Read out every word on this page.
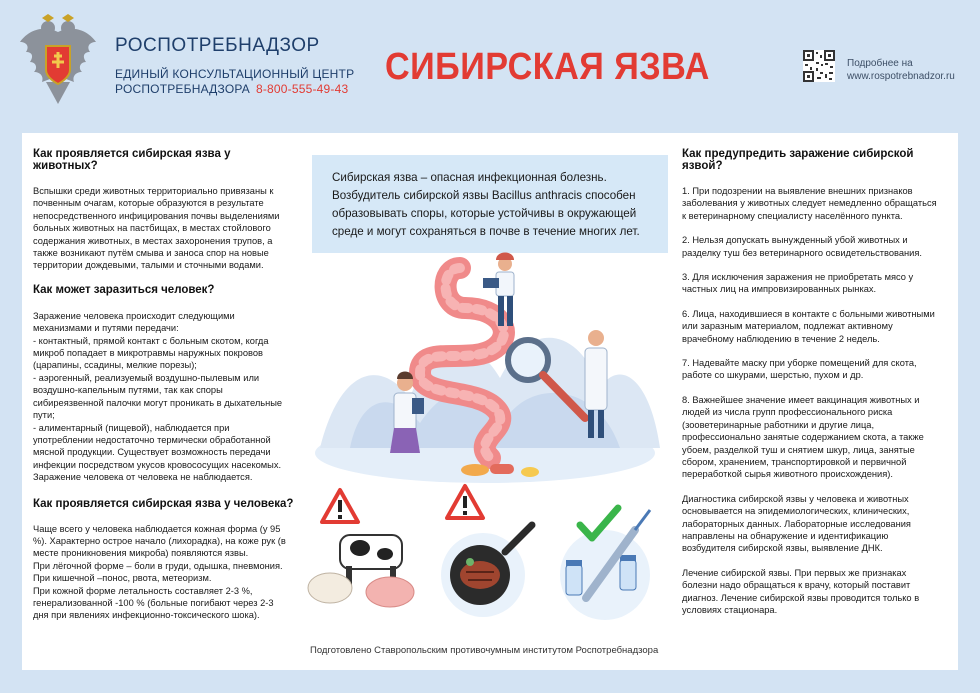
РОСПОТРЕБНАДЗОР
ЕДИНЫЙ КОНСУЛЬТАЦИОННЫЙ ЦЕНТР
РОСПОТРЕБНАДЗОРА 8-800-555-49-43
СИБИРСКАЯ ЯЗВА	Подробнее на
www.rospotrebnadzor.ru
Как проявляется сибирская язва у животных?

Вспышки среди животных территориально привязаны к
почвенным очагам, которые образуются в результате
непосредственного инфицирования почвы выделениями
больных животных на пастбищах, в местах стойлового
содержания животных, в местах захоронения трупов, а
также возникают путём смыва и заноса спор на новые
территории дождевыми, талыми и сточными водами.

Как может заразиться человек?

Заражение человека происходит следующими
механизмами и путями передачи:
- контактный, прямой контакт с больным скотом, когда
микроб попадает в микротравмы наружных покровов
(царапины, ссадины, мелкие порезы);
- аэрогенный, реализуемый воздушно-пылевым или
воздушно-капельным путями, так как споры
сибиреязвенной палочки могут проникать в дыхательные
пути;
- алиментарный (пищевой), наблюдается при
употреблении недостаточно термически обработанной
мясной продукции. Существует возможность передачи
инфекции посредством укусов кровососущих насекомых.
Заражение человека от человека не наблюдается.

Как проявляется сибирская язва у человека?

Чаще всего у человека наблюдается кожная форма (у 95
%). Характерно острое начало (лихорадка), на коже рук (в
месте проникновения микроба) появляются язвы.
При лёгочной форме – боли в груди, одышка, пневмония.
При кишечной –понос, рвота, метеоризм.
При кожной форме летальность составляет 2-3 %,
генерализованной -100 % (больные погибают через 2-3
дня при явлениях инфекционно-токсического шока).

Сибирская язва – опасная инфекционная болезнь.
Возбудитель сибирской язвы Bacillus anthracis способен
образовывать споры, которые устойчивы в окружающей
среде и могут сохраняться в почве в течение многих лет.

Подготовлено Ставропольским противочумным институтом Роспотребнадзора
Как предупредить заражение сибирской язвой?

1. При подозрении на выявление внешних признаков
заболевания у животных следует немедленно обращаться
к ветеринарному специалисту населённого пункта.

2. Нельзя допускать вынужденный убой животных и
разделку туш без ветеринарного освидетельствования.

3. Для исключения заражения не приобретать мясо у
частных лиц на импровизированных рынках.

6. Лица, находившиеся в контакте с больными животными
или заразным материалом, подлежат активному
врачебному наблюдению в течение 2 недель.

7. Надевайте маску при уборке помещений для скота,
работе со шкурами, шерстью, пухом и др.

8. Важнейшее значение имеет вакцинация животных и
людей из числа групп профессионального риска
(зооветеринарные работники и другие лица,
профессионально занятые содержанием скота, а также
убоем, разделкой туш и снятием шкур, лица, занятые
сбором, хранением, транспортировкой и первичной
переработкой сырья животного происхождения).

Диагностика сибирской язвы у человека и животных
основывается на эпидемиологических, клинических,
лабораторных данных. Лабораторные исследования
направлены на обнаружение и идентификацию
возбудителя сибирской язвы, выявление ДНК.

Лечение сибирской язвы. При первых же признаках
болезни надо обращаться к врачу, который поставит
диагноз. Лечение сибирской язвы проводится только в
условиях стационара.
